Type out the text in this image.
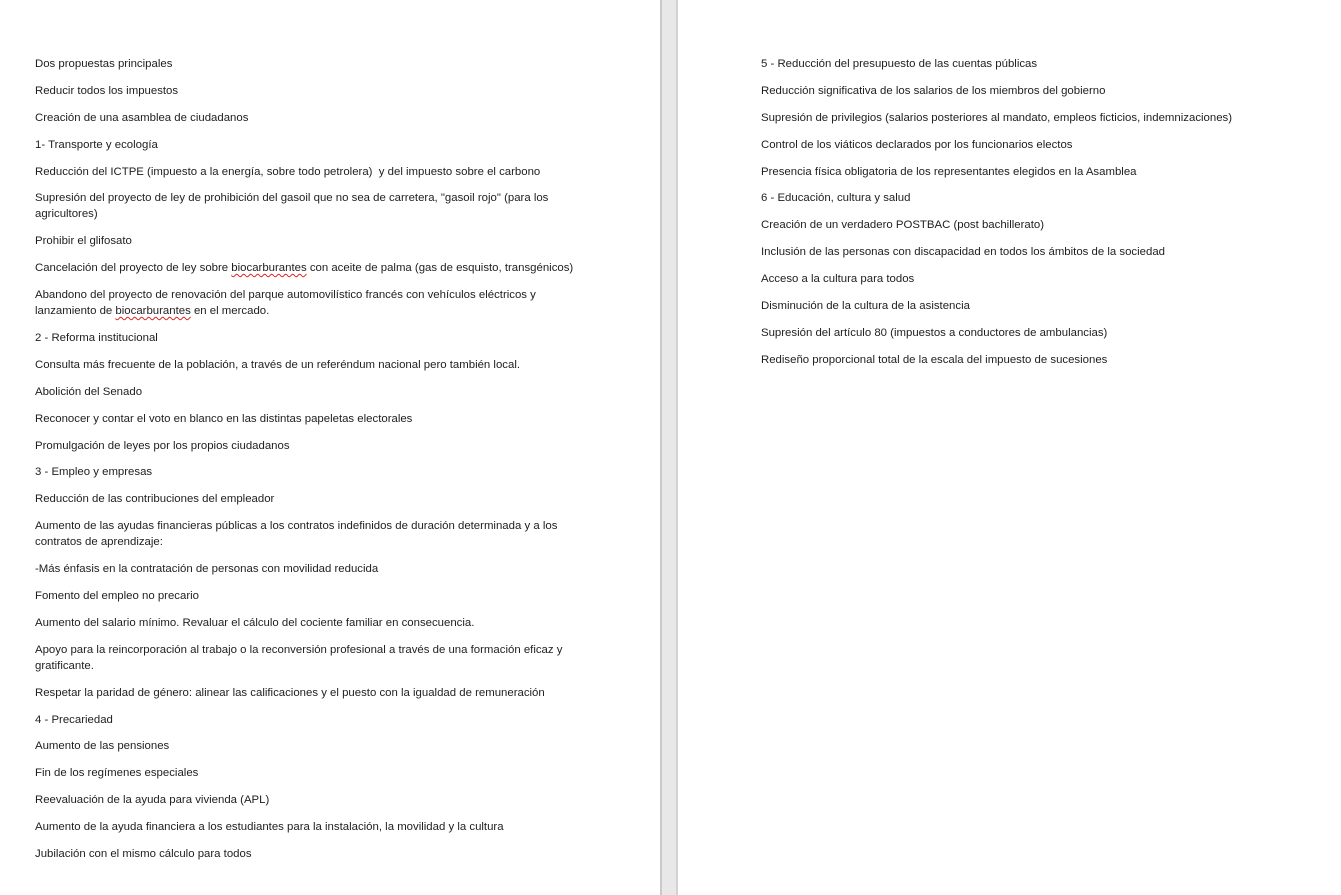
Dos propuestas principales
Reducir todos los impuestos
Creación de una asamblea de ciudadanos
1- Transporte y ecología
Reducción del ICTPE (impuesto a la energía, sobre todo petrolera)  y del impuesto sobre el carbono
Supresión del proyecto de ley de prohibición del gasoil que no sea de carretera, "gasoil rojo" (para los agricultores)
Prohibir el glifosato
Cancelación del proyecto de ley sobre biocarburantes con aceite de palma (gas de esquisto, transgénicos)
Abandono del proyecto de renovación del parque automovilístico francés con vehículos eléctricos y lanzamiento de biocarburantes en el mercado.
2 - Reforma institucional
Consulta más frecuente de la población, a través de un referéndum nacional pero también local.
Abolición del Senado
Reconocer y contar el voto en blanco en las distintas papeletas electorales
Promulgación de leyes por los propios ciudadanos
3 - Empleo y empresas
Reducción de las contribuciones del empleador
Aumento de las ayudas financieras públicas a los contratos indefinidos de duración determinada y a los contratos de aprendizaje:
-Más énfasis en la contratación de personas con movilidad reducida
Fomento del empleo no precario
Aumento del salario mínimo. Revaluar el cálculo del cociente familiar en consecuencia.
Apoyo para la reincorporación al trabajo o la reconversión profesional a través de una formación eficaz y gratificante.
Respetar la paridad de género: alinear las calificaciones y el puesto con la igualdad de remuneración
4 - Precariedad
Aumento de las pensiones
Fin de los regímenes especiales
Reevaluación de la ayuda para vivienda (APL)
Aumento de la ayuda financiera a los estudiantes para la instalación, la movilidad y la cultura
Jubilación con el mismo cálculo para todos
5 - Reducción del presupuesto de las cuentas públicas
Reducción significativa de los salarios de los miembros del gobierno
Supresión de privilegios (salarios posteriores al mandato, empleos ficticios, indemnizaciones)
Control de los viáticos declarados por los funcionarios electos
Presencia física obligatoria de los representantes elegidos en la Asamblea
6 - Educación, cultura y salud
Creación de un verdadero POSTBAC (post bachillerato)
Inclusión de las personas con discapacidad en todos los ámbitos de la sociedad
Acceso a la cultura para todos
Disminución de la cultura de la asistencia
Supresión del artículo 80 (impuestos a conductores de ambulancias)
Rediseño proporcional total de la escala del impuesto de sucesiones
